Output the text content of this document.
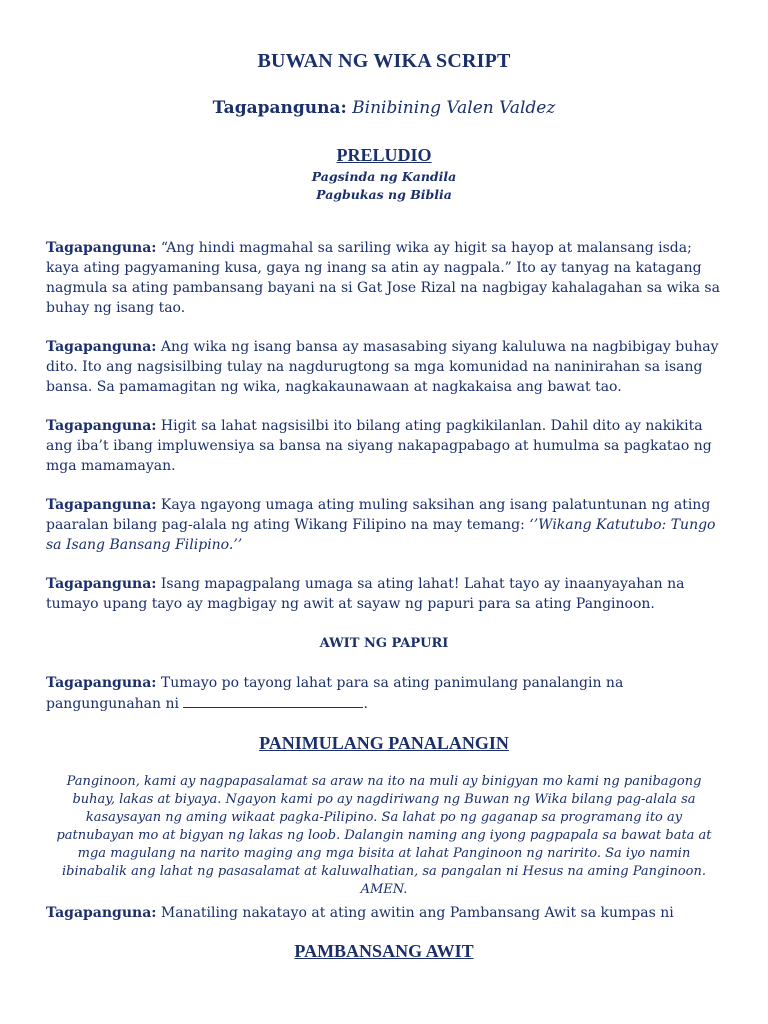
BUWAN NG WIKA SCRIPT
Tagapanguna: Binibining Valen Valdez
PRELUDIO
Pagsinda ng Kandila
Pagbukas ng Biblia
Tagapanguna: “Ang hindi magmahal sa sariling wika ay higit sa hayop at malansang isda; kaya ating pagyamaning kusa, gaya ng inang sa atin ay nagpala.” Ito ay tanyag na katagang nagmula sa ating pambansang bayani na si Gat Jose Rizal na nagbigay kahalagahan sa wika sa buhay ng isang tao.
Tagapanguna: Ang wika ng isang bansa ay masasabing siyang kaluluwa na nagbibigay buhay dito. Ito ang nagsisilbing tulay na nagdurugtong sa mga komunidad na naninirahan sa isang bansa. Sa pamamagitan ng wika, nagkakaunawaan at nagkakaisa ang bawat tao.
Tagapanguna: Higit sa lahat nagsisilbi ito bilang ating pagkikilanlan. Dahil dito ay nakikita ang iba’t ibang impluwensiya sa bansa na siyang nakapagpabago at humulma sa pagkatao ng mga mamamayan.
Tagapanguna: Kaya ngayong umaga ating muling saksihan ang isang palatuntunan ng ating paaralan bilang pag-alala ng ating Wikang Filipino na may temang: ‘’Wikang Katutubo: Tungo sa Isang Bansang Filipino.’’
Tagapanguna: Isang mapagpalang umaga sa ating lahat! Lahat tayo ay inaanyayahan na tumayo upang tayo ay magbigay ng awit at sayaw ng papuri para sa ating Panginoon.
AWIT NG PAPURI
Tagapanguna: Tumayo po tayong lahat para sa ating panimulang panalangin na pangungunahan ni	.
PANIMULANG PANALANGIN
Panginoon, kami ay nagpapasalamat sa araw na ito na muli ay binigyan mo kami ng panibagong buhay, lakas at biyaya. Ngayon kami po ay nagdiriwang ng Buwan ng Wika bilang pag-alala sa kasaysayan ng aming wikaat pagka-Pilipino. Sa lahat po ng gaganap sa programang ito ay patnubayan mo at bigyan ng lakas ng loob. Dalangin naming ang iyong pagpapala sa bawat bata at mga magulang na narito maging ang mga bisita at lahat Panginoon ng naririto. Sa iyo namin ibinabalik ang lahat ng pasasalamat at kaluwalhatian, sa pangalan ni Hesus na aming Panginoon. AMEN.
Tagapanguna: Manatiling nakatayo at ating awitin ang Pambansang Awit sa kumpas ni
PAMBANSANG AWIT
